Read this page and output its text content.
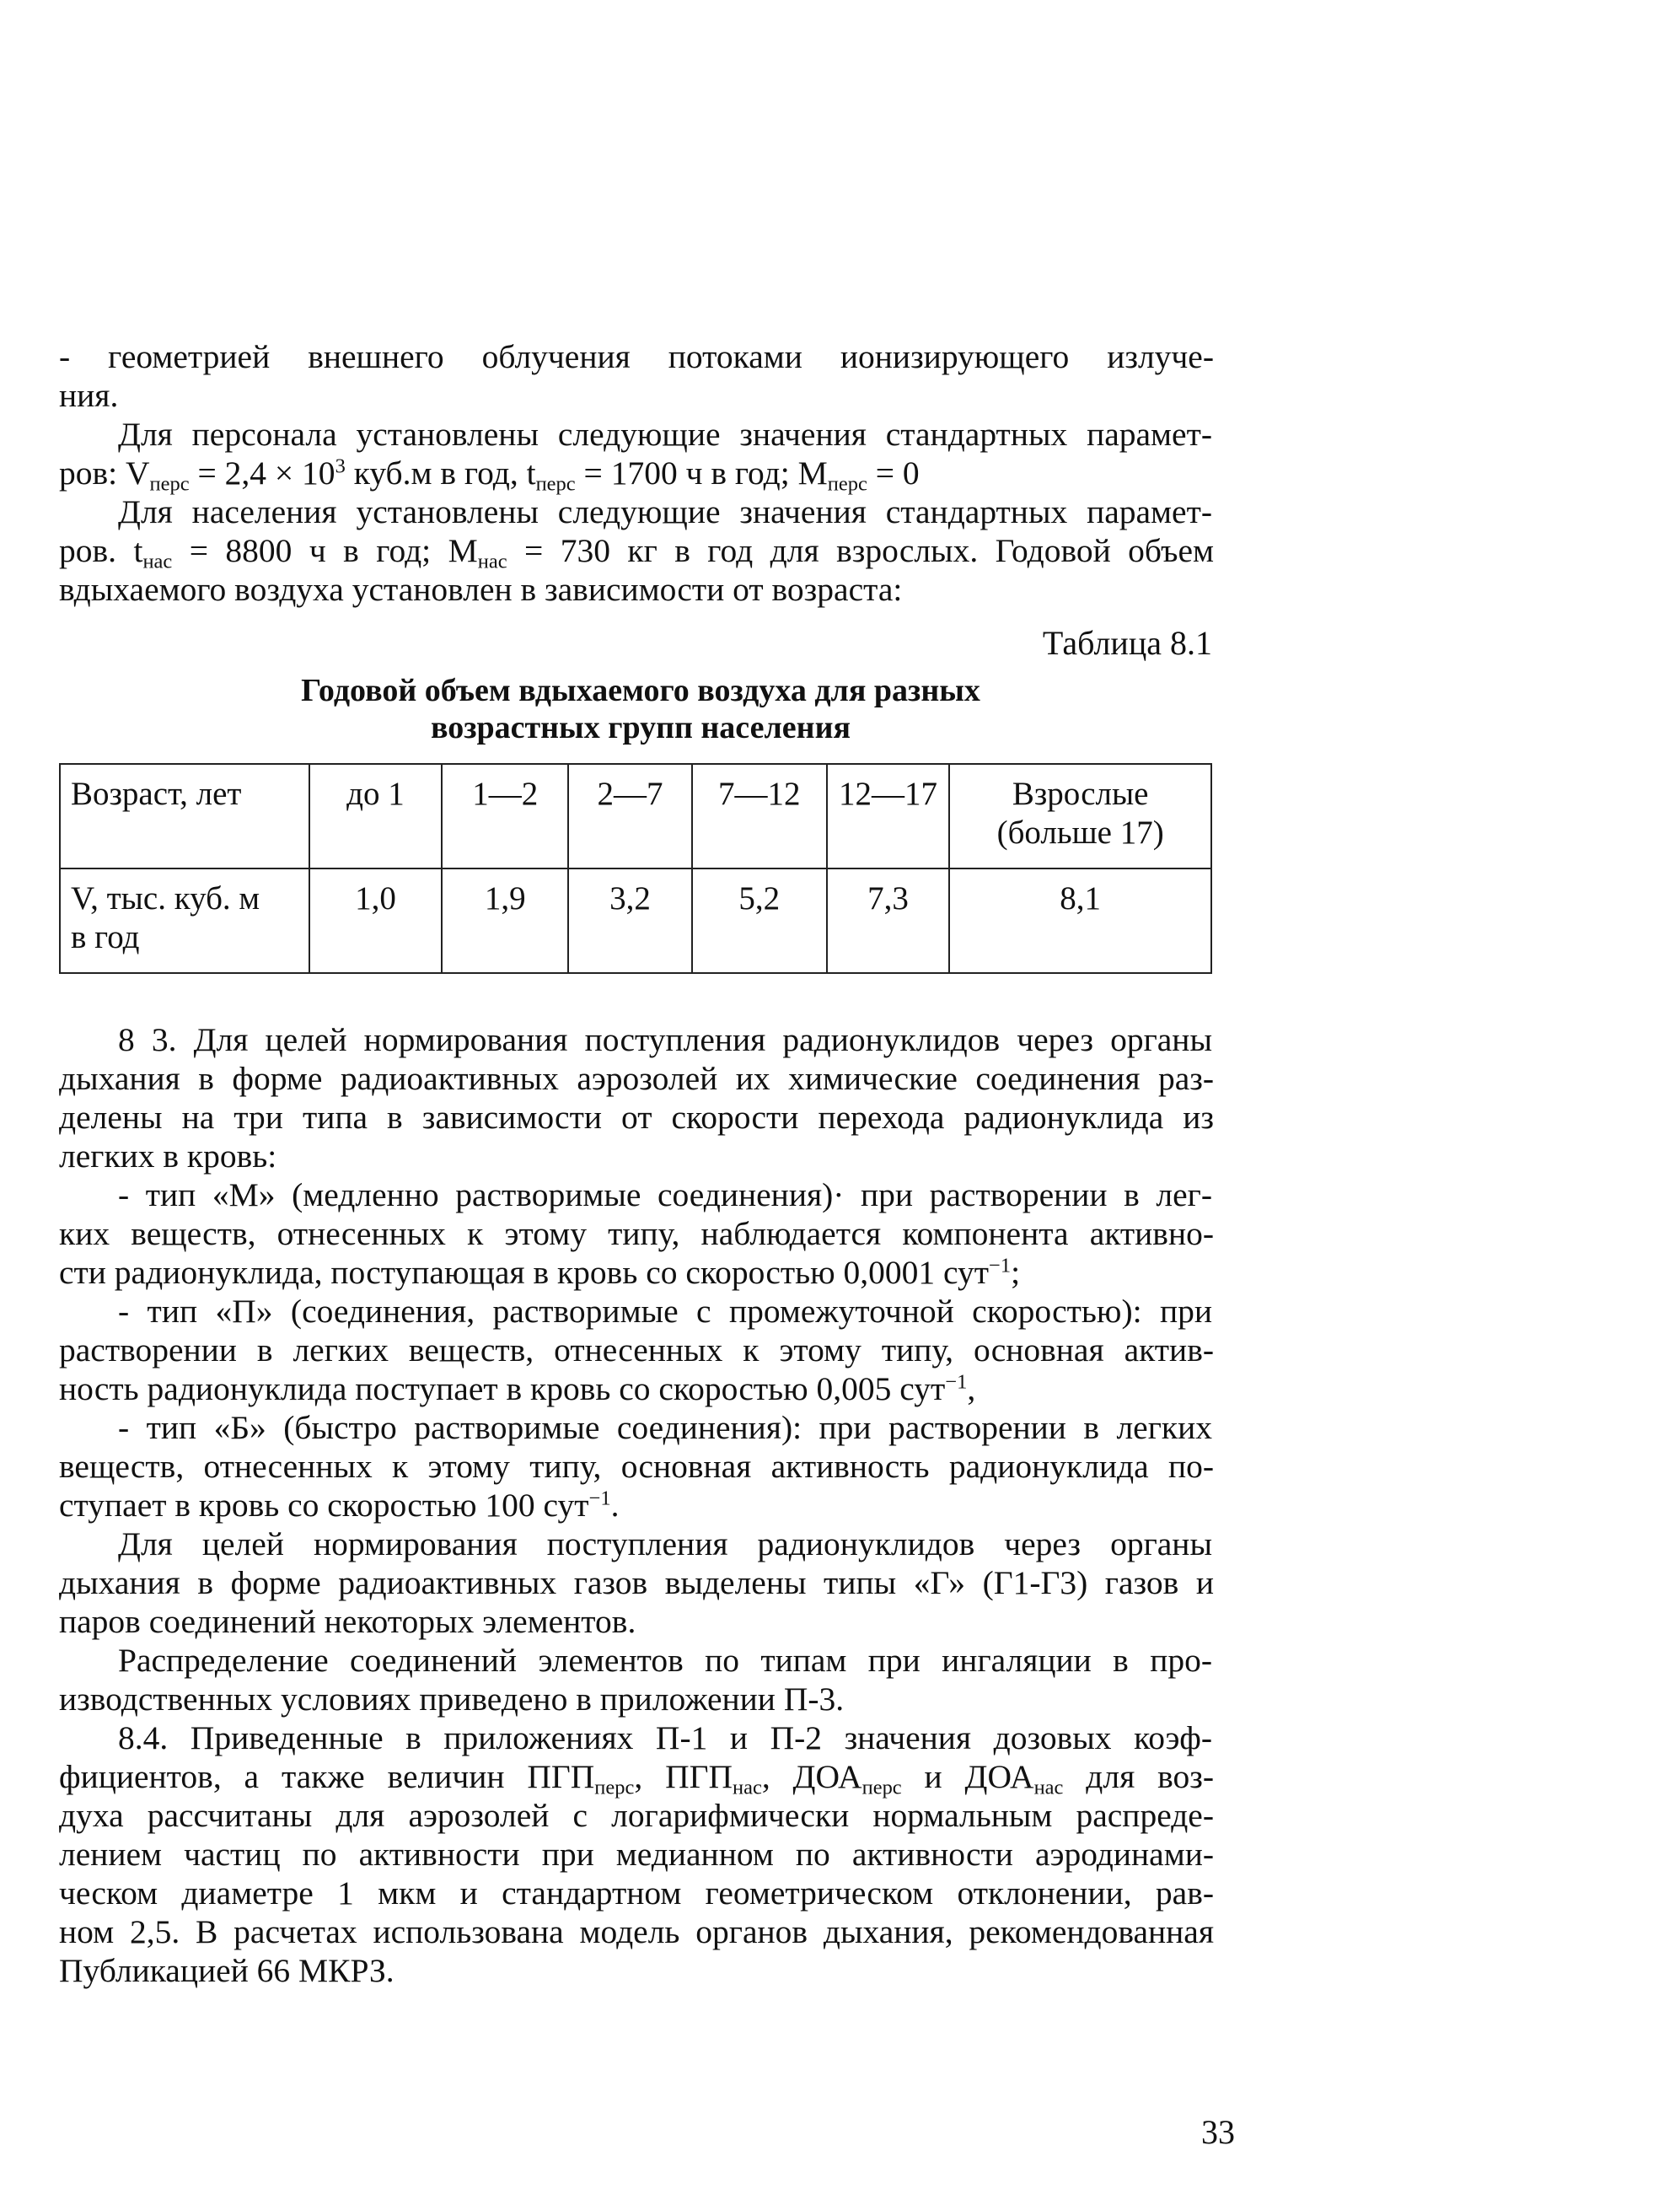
- геометрией внешнего облучения потоками ионизирующего излуче-
ния.
Для персонала установлены следующие значения стандартных парамет-
ров: $V_{перс} = 2,4 \times 10^3$ куб.м в год, $t_{перс} = 1700$ ч в год; $M_{перс} = 0$
Для населения установлены следующие значения стандартных парамет-
ров. $t_{нас} = 8800$ ч в год; $M_{нас} = 730$ кг в год для взрослых. Годовой объем
вдыхаемого воздуха установлен в зависимости от возраста:
Таблица 8.1
Годовой объем вдыхаемого воздуха для разных
возрастных групп населения
Возраст, лет	до 1	1—2	2—7	7—12	12—17	Взрослые (больше 17)

V, тыс. куб. м
в год	1,0	1,9	3,2	5,2	7,3	8,1
8 3. Для целей нормирования поступления радионуклидов через органы
дыхания в форме радиоактивных аэрозолей их химические соединения раз-
делены на три типа в зависимости от скорости перехода радионуклида из
легких в кровь:
- тип «М» (медленно растворимые соединения)· при растворении в лег-
ких веществ, отнесенных к этому типу, наблюдается компонента активно-
сти радионуклида, поступающая в кровь со скоростью 0,0001 сут$^{-1}$;
- тип «П» (соединения, растворимые с промежуточной скоростью): при
растворении в легких веществ, отнесенных к этому типу, основная актив-
ность радионуклида поступает в кровь со скоростью 0,005 сут$^{-1}$,
- тип «Б» (быстро растворимые соединения): при растворении в легких
веществ, отнесенных к этому типу, основная активность радионуклида по-
ступает в кровь со скоростью 100 сут$^{-1}$.
Для целей нормирования поступления радионуклидов через органы
дыхания в форме радиоактивных газов выделены типы «Г» (Г1-Г3) газов и
паров соединений некоторых элементов.
Распределение соединений элементов по типам при ингаляции в про-
изводственных условиях приведено в приложении П-3.
8.4. Приведенные в приложениях П-1 и П-2 значения дозовых коэф-
фициентов, а также величин $ПГП_{перс}$, $ПГП_{нас}$, $ДОА_{перс}$ и $ДОА_{нас}$ для воз-
духа рассчитаны для аэрозолей с логарифмически нормальным распреде-
лением частиц по активности при медианном по активности аэродинами-
ческом диаметре 1 мкм и стандартном геометрическом отклонении, рав-
ном 2,5. В расчетах использована модель органов дыхания, рекомендованная
Публикацией 66 МКРЗ.
33
